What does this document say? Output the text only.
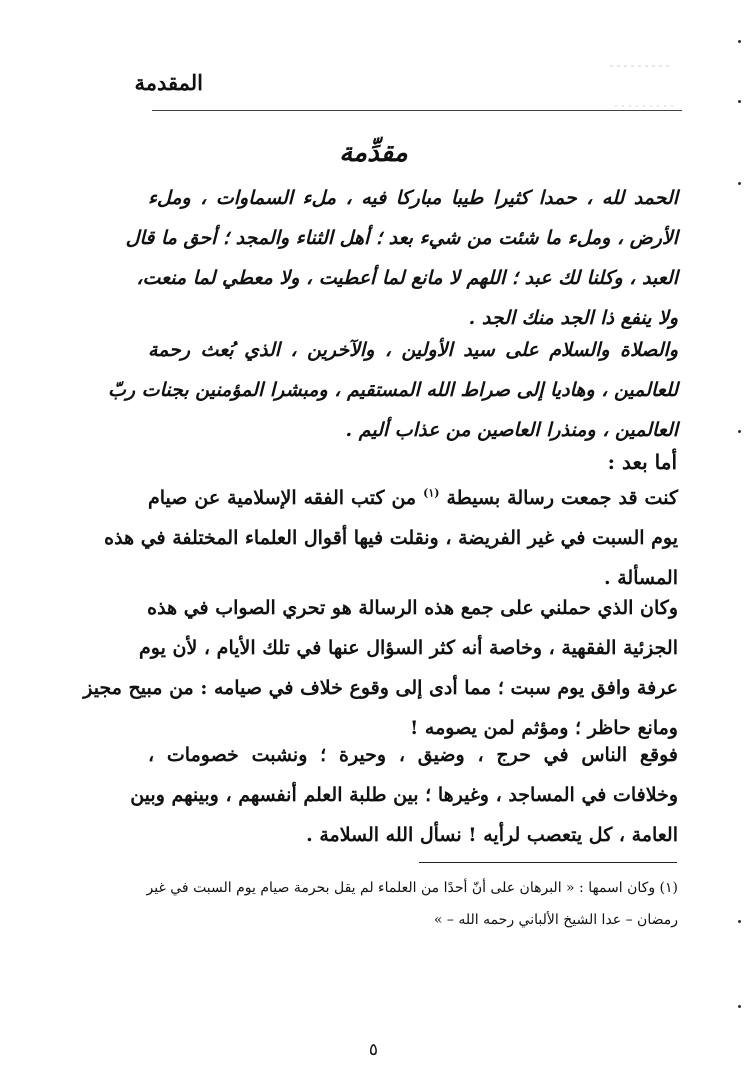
المقدمة
مقدِّمة
الحمد لله ، حمدا كثيرا طيبا مباركا فيه ، ملء السماوات ، وملء
الأرض ، وملء ما شئت من شيء بعد ؛ أهل الثناء والمجد ؛ أحق ما قال
العبد ، وكلنا لك عبد ؛ اللهم لا مانع لما أعطيت ، ولا معطي لما منعت،
ولا ينفع ذا الجد منك الجد .
والصلاة والسلام على سيد الأولين ، والآخرين ، الذي بُعث رحمة
للعالمين ، وهاديا إلى صراط الله المستقيم ، ومبشرا المؤمنين بجنات ربّ
العالمين ، ومنذرا العاصين من عذاب أليم .
أما بعد :
كنت قد جمعت رسالة بسيطة $^{(١)}$ من كتب الفقه الإسلامية عن صيام
يوم السبت في غير الفريضة ، ونقلت فيها أقوال العلماء المختلفة في هذه
المسألة .
وكان الذي حملني على جمع هذه الرسالة هو تحري الصواب في هذه
الجزئية الفقهية ، وخاصة أنه كثر السؤال عنها في تلك الأيام ، لأن يوم
عرفة وافق يوم سبت ؛ مما أدى إلى وقوع خلاف في صيامه : من مبيح مجيز
ومانع حاظر ؛ ومؤثم لمن يصومه !
فوقع الناس في حرج ، وضيق ، وحيرة ؛ ونشبت خصومات ،
وخلافات في المساجد ، وغيرها ؛ بين طلبة العلم أنفسهم ، وبينهم وبين
العامة ، كل يتعصب لرأيه ! نسأل الله السلامة .
(١) وكان اسمها : « البرهان على أنّ أحدًا من العلماء لم يقل بحرمة صيام يوم السبت في غير
رمضان – عدا الشيخ الألباني رحمه الله – »
٥
